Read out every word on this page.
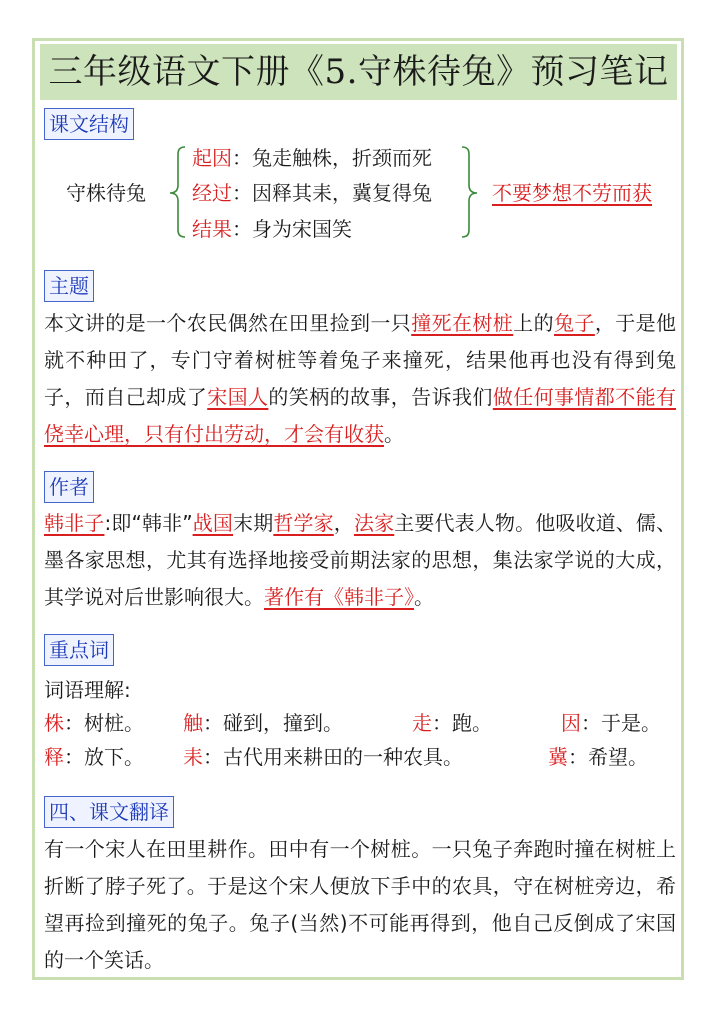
三年级语文下册《5.守株待兔》预习笔记
课文结构
守株待兔
起因：兔走触株，折颈而死
经过：因释其耒，冀复得兔
结果：身为宋国笑
不要梦想不劳而获
主题
本文讲的是一个农民偶然在田里捡到一只撞死在树桩上的兔子，于是他就不种田了，专门守着树桩等着兔子来撞死，结果他再也没有得到兔子，而自己却成了宋国人的笑柄的故事，告诉我们做任何事情都不能有侥幸心理，只有付出劳动，才会有收获。
作者
韩非子:即“韩非”战国末期哲学家，法家主要代表人物。他吸收道、儒、墨各家思想，尤其有选择地接受前期法家的思想，集法家学说的大成，其学说对后世影响很大。著作有《韩非子》。
重点词
词语理解:
株：树桩。 触：碰到，撞到。	走：跑。	因：于是。
释：放下。 耒：古代用来耕田的一种农具。	冀：希望。
四、课文翻译
有一个宋人在田里耕作。田中有一个树桩。一只兔子奔跑时撞在树桩上折断了脖子死了。于是这个宋人便放下手中的农具，守在树桩旁边，希望再捡到撞死的兔子。兔子(当然)不可能再得到，他自己反倒成了宋国的一个笑话。
